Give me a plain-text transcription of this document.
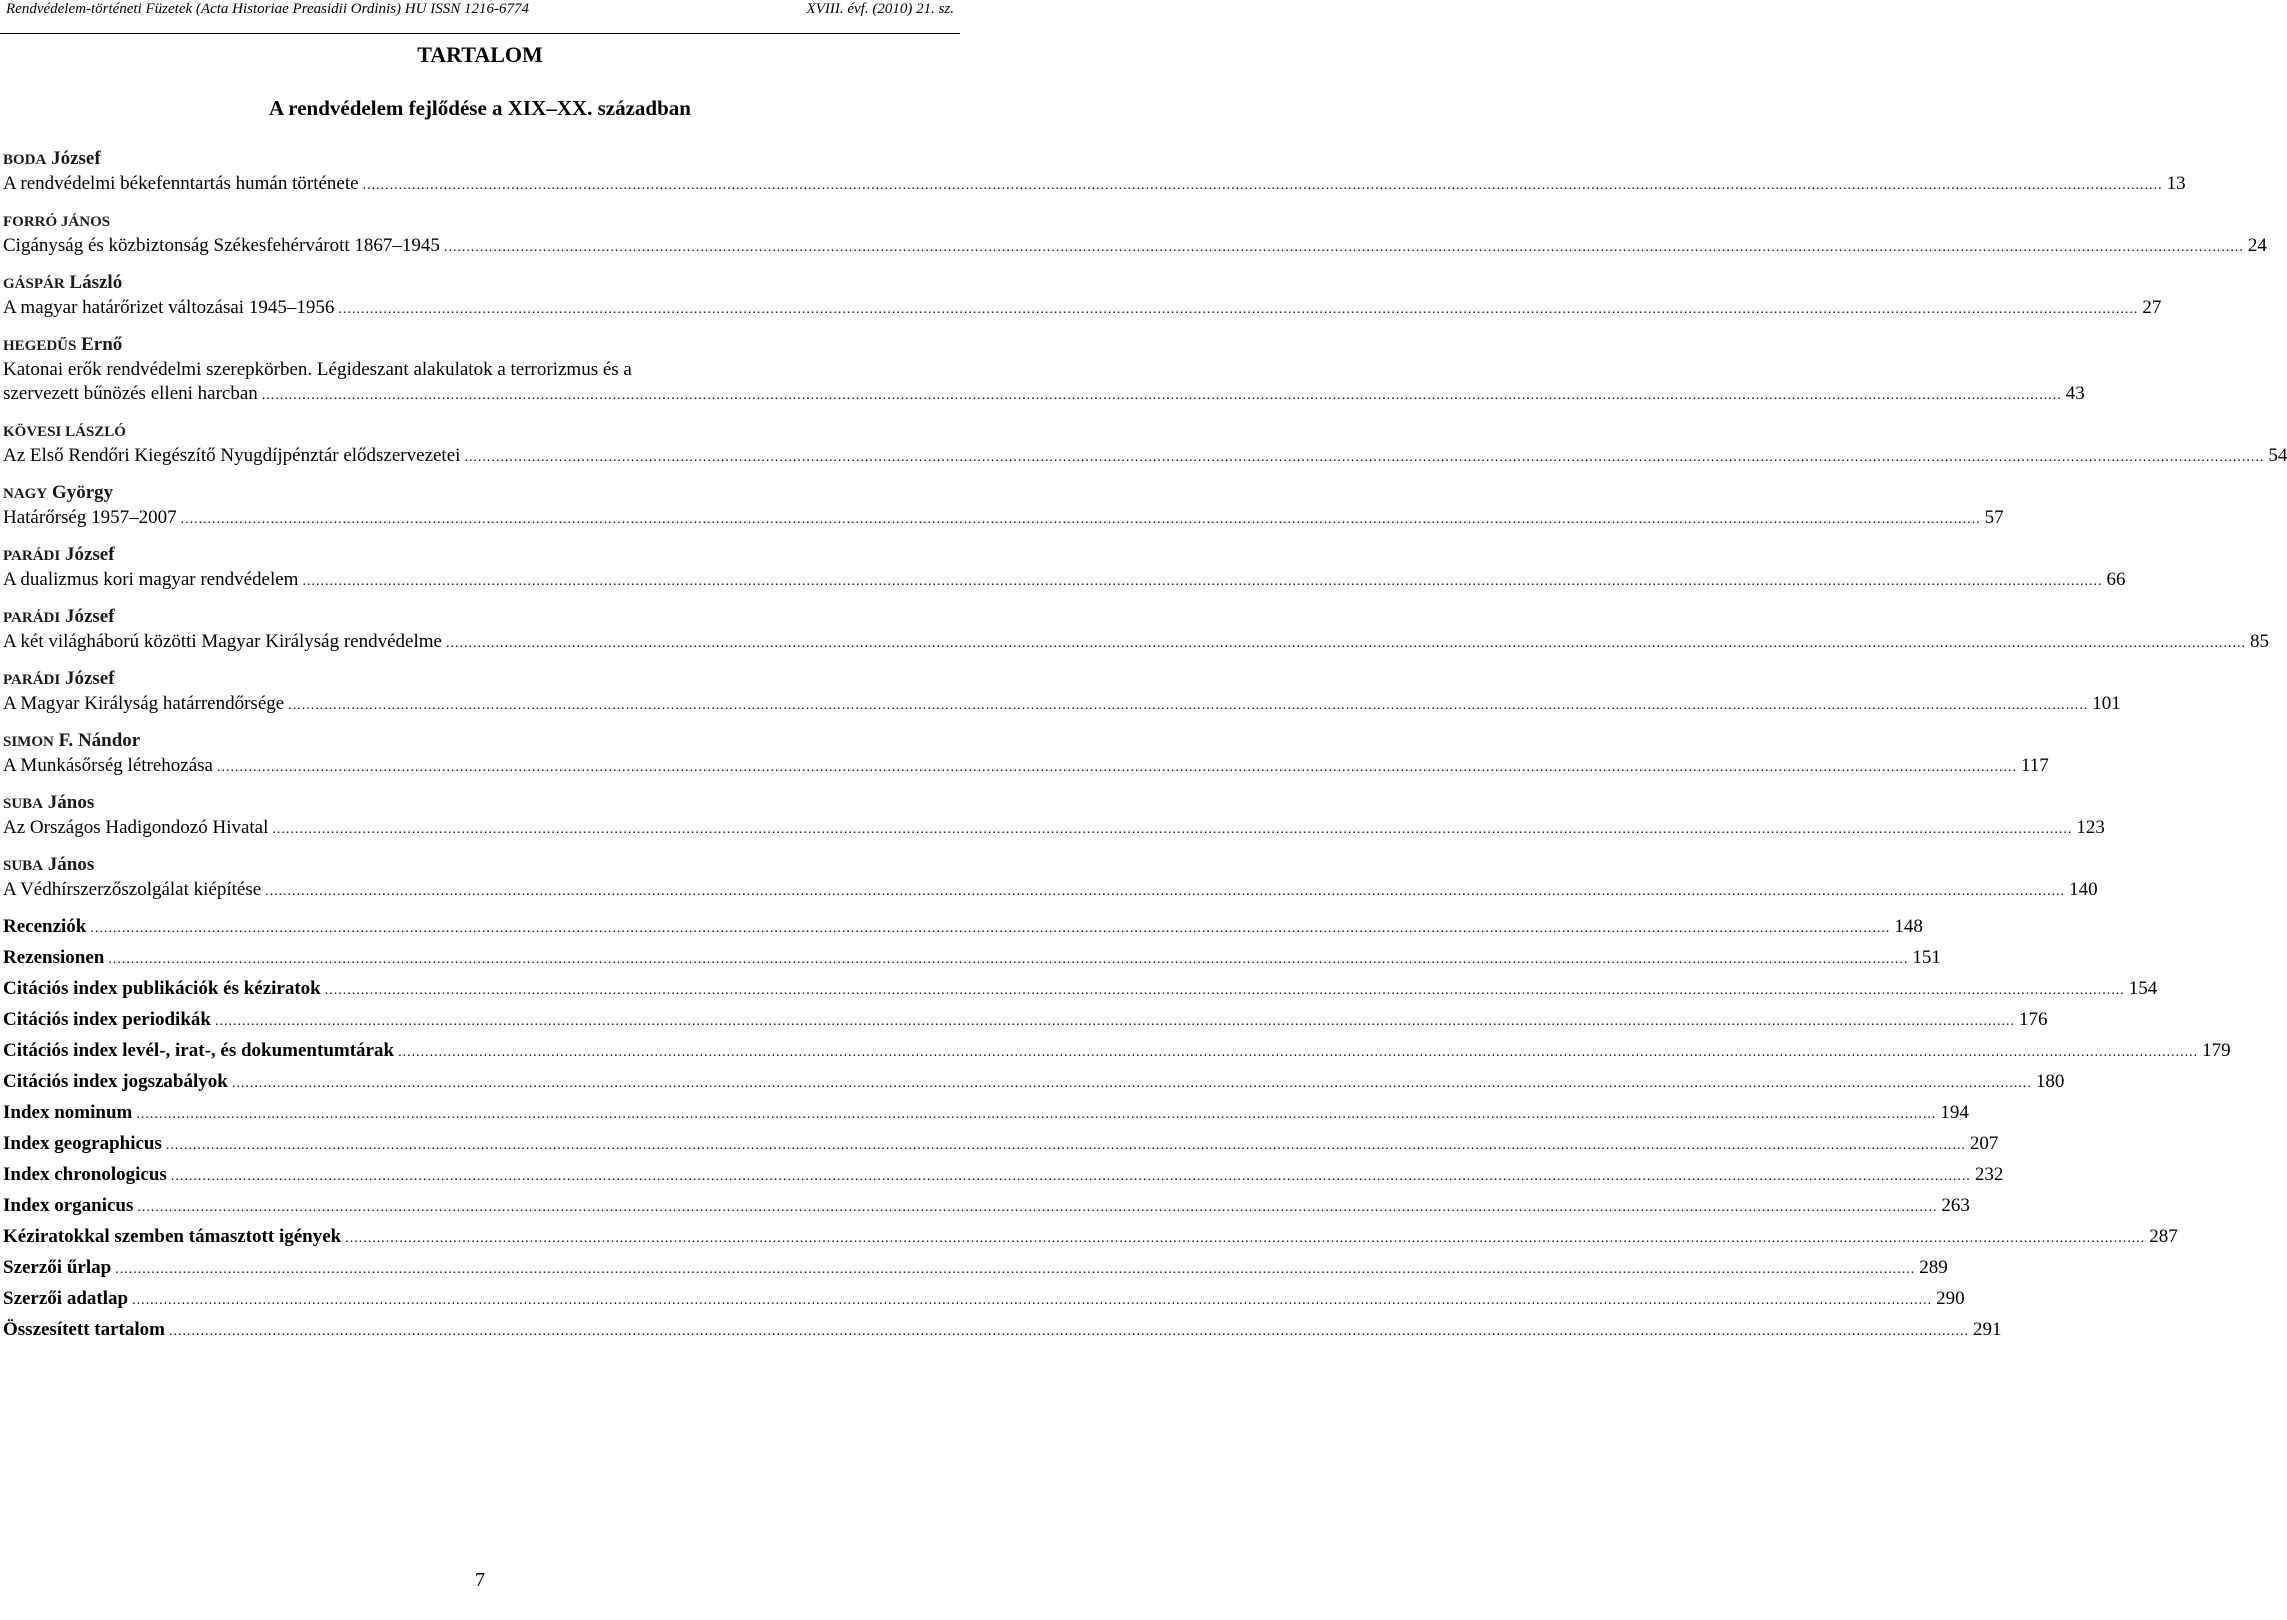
Rendvédelem-történeti Füzetek (Acta Historiae Preasidii Ordinis) HU ISSN 1216-6774	XVIII. évf. (2010) 21. sz.
TARTALOM
A rendvédelem fejlődése a XIX–XX. században
BODA József
A rendvédelmi békefenntartás humán története ................................................................................................................................................................................................................................................................................................................................................................................................................ 13
FORRÓ JÁNOS
Cigányság és közbiztonság Székesfehérvárott 1867–1945 ................................................................................................................................................................................................................................................................................................................................................................................................................ 24
GÁSPÁR László
A magyar határőrizet változásai 1945–1956 ................................................................................................................................................................................................................................................................................................................................................................................................................ 27
HEGEDŰS Ernő
Katonai erők rendvédelmi szerepkörben. Légideszant alakulatok a terrorizmus és a
szervezett bűnözés elleni harcban ................................................................................................................................................................................................................................................................................................................................................................................................................ 43
KÖVESI LÁSZLÓ
Az Első Rendőri Kiegészítő Nyugdíjpénztár elődszervezetei ................................................................................................................................................................................................................................................................................................................................................................................................................ 54
NAGY György
Határőrség 1957–2007 ................................................................................................................................................................................................................................................................................................................................................................................................................ 57
PARÁDI József
A dualizmus kori magyar rendvédelem ................................................................................................................................................................................................................................................................................................................................................................................................................ 66
PARÁDI József
A két világháború közötti Magyar Királyság rendvédelme ................................................................................................................................................................................................................................................................................................................................................................................................................ 85
PARÁDI József
A Magyar Királyság határrendőrsége ................................................................................................................................................................................................................................................................................................................................................................................................................ 101
SIMON F. Nándor
A Munkásőrség létrehozása ................................................................................................................................................................................................................................................................................................................................................................................................................ 117
SUBA János
Az Országos Hadigondozó Hivatal ................................................................................................................................................................................................................................................................................................................................................................................................................ 123
SUBA János
A Védhírszerzőszolgálat kiépítése ................................................................................................................................................................................................................................................................................................................................................................................................................ 140
Recenziók ................................................................................................................................................................................................................................................................................................................................................................................................................ 148
Rezensionen ................................................................................................................................................................................................................................................................................................................................................................................................................ 151
Citációs index publikációk és kéziratok ................................................................................................................................................................................................................................................................................................................................................................................................................ 154
Citációs index periodikák ................................................................................................................................................................................................................................................................................................................................................................................................................ 176
Citációs index levél-, irat-, és dokumentumtárak ................................................................................................................................................................................................................................................................................................................................................................................................................ 179
Citációs index jogszabályok ................................................................................................................................................................................................................................................................................................................................................................................................................ 180
Index nominum ................................................................................................................................................................................................................................................................................................................................................................................................................ 194
Index geographicus ................................................................................................................................................................................................................................................................................................................................................................................................................ 207
Index chronologicus ................................................................................................................................................................................................................................................................................................................................................................................................................ 232
Index organicus ................................................................................................................................................................................................................................................................................................................................................................................................................ 263
Kéziratokkal szemben támasztott igények ................................................................................................................................................................................................................................................................................................................................................................................................................ 287
Szerzői űrlap ................................................................................................................................................................................................................................................................................................................................................................................................................ 289
Szerzői adatlap ................................................................................................................................................................................................................................................................................................................................................................................................................ 290
Összesített tartalom ................................................................................................................................................................................................................................................................................................................................................................................................................ 291
7
